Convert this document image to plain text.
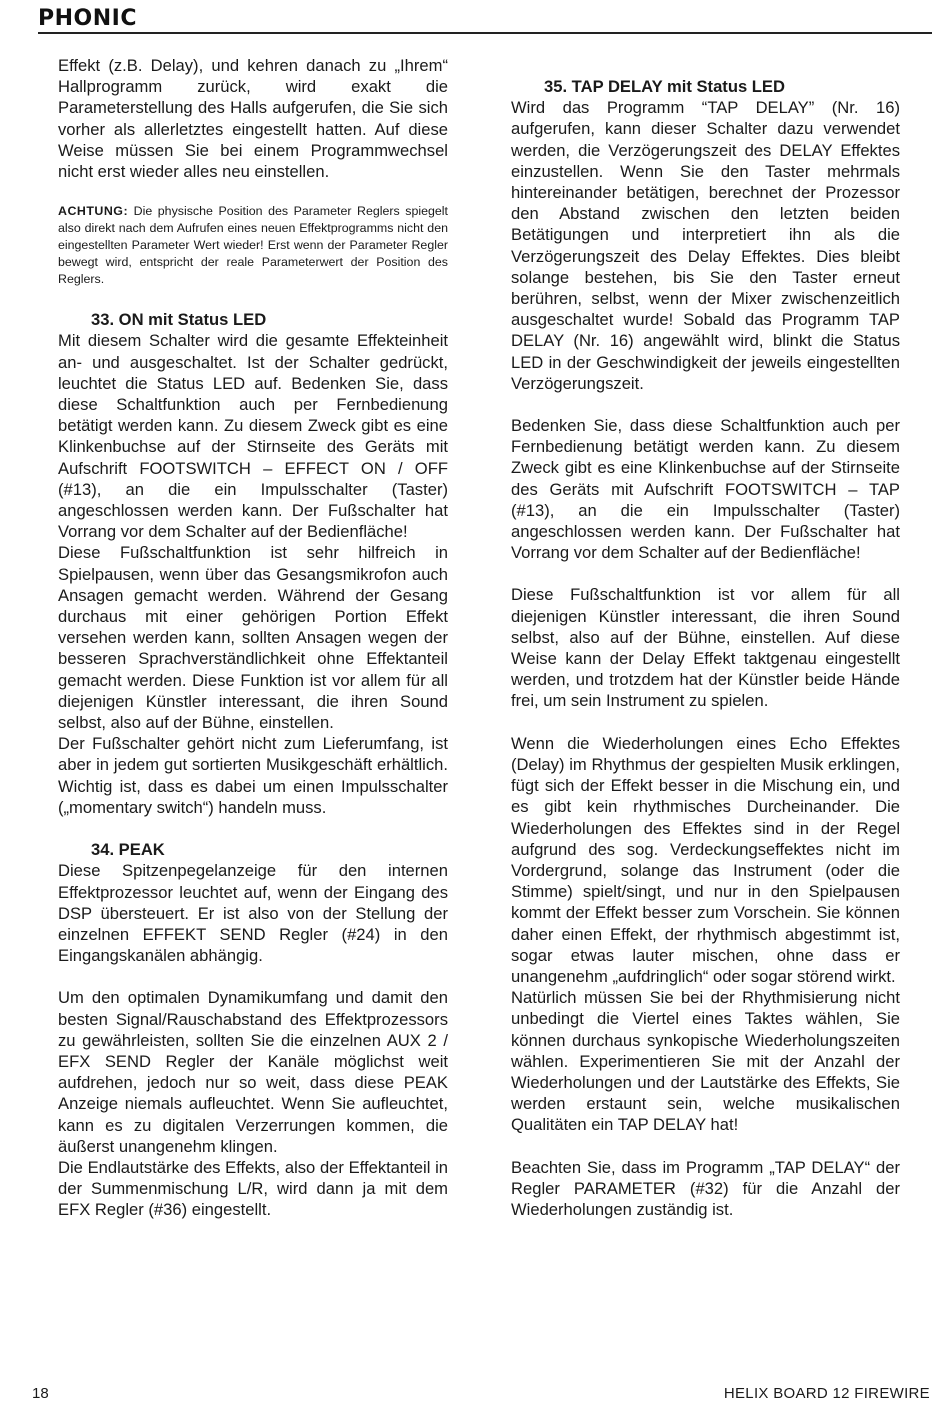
PHONIC

Effekt (z.B. Delay), und kehren danach zu „Ihrem“ Hallprogramm zurück, wird exakt die Parameterstellung des Halls aufgerufen, die Sie sich vorher als allerletztes eingestellt hatten. Auf diese Weise müssen Sie bei einem Programmwechsel nicht erst wieder alles neu einstellen.

ACHTUNG: Die physische Position des Parameter Reglers spiegelt also direkt nach dem Aufrufen eines neuen Effektprogramms nicht den eingestellten Parameter Wert wieder! Erst wenn der Parameter Regler bewegt wird, entspricht der reale Parameterwert der Position des Reglers.

33. ON mit Status LED

Mit diesem Schalter wird die gesamte Effekteinheit an- und ausgeschaltet. Ist der Schalter gedrückt, leuchtet die Status LED auf. Bedenken Sie, dass diese Schaltfunktion auch per Fernbedienung betätigt werden kann. Zu diesem Zweck gibt es eine Klinkenbuchse auf der Stirnseite des Geräts mit Aufschrift FOOTSWITCH – EFFECT ON / OFF (#13), an die ein Impulsschalter (Taster) angeschlossen werden kann. Der Fußschalter hat Vorrang vor dem Schalter auf der Bedienfläche!

Diese Fußschaltfunktion ist sehr hilfreich in Spielpausen, wenn über das Gesangsmikrofon auch Ansagen gemacht werden. Während der Gesang durchaus mit einer gehörigen Portion Effekt versehen werden kann, sollten Ansagen wegen der besseren Sprachverständlichkeit ohne Effektanteil gemacht werden. Diese Funktion ist vor allem für all diejenigen Künstler interessant, die ihren Sound selbst, also auf der Bühne, einstellen.

Der Fußschalter gehört nicht zum Lieferumfang, ist aber in jedem gut sortierten Musikgeschäft erhältlich. Wichtig ist, dass es dabei um einen Impulsschalter („momentary switch“) handeln muss.

34. PEAK

Diese Spitzenpegelanzeige für den internen Effektprozessor leuchtet auf, wenn der Eingang des DSP übersteuert. Er ist also von der Stellung der einzelnen EFFEKT SEND Regler (#24) in den Eingangskanälen abhängig.

Um den optimalen Dynamikumfang und damit den besten Signal/Rauschabstand des Effektprozessors zu gewährleisten, sollten Sie die einzelnen AUX 2 / EFX SEND Regler der Kanäle möglichst weit aufdrehen, jedoch nur so weit, dass diese PEAK Anzeige niemals aufleuchtet. Wenn Sie aufleuchtet, kann es zu digitalen Verzerrungen kommen, die äußerst unangenehm klingen.

Die Endlautstärke des Effekts, also der Effektanteil in der Summenmischung L/R, wird dann ja mit dem EFX Regler (#36) eingestellt.

35. TAP DELAY mit Status LED

Wird das Programm “TAP DELAY” (Nr. 16) aufgerufen, kann dieser Schalter dazu verwendet werden, die Verzögerungszeit des DELAY Effektes einzustellen. Wenn Sie den Taster mehrmals hintereinander betätigen, berechnet der Prozessor den Abstand zwischen den letzten beiden Betätigungen und interpretiert ihn als die Verzögerungszeit des Delay Effektes. Dies bleibt solange bestehen, bis Sie den Taster erneut berühren, selbst, wenn der Mixer zwischenzeitlich ausgeschaltet wurde! Sobald das Programm TAP DELAY (Nr. 16) angewählt wird, blinkt die Status LED in der Geschwindigkeit der jeweils eingestellten Verzögerungszeit.

Bedenken Sie, dass diese Schaltfunktion auch per Fernbedienung betätigt werden kann. Zu diesem Zweck gibt es eine Klinkenbuchse auf der Stirnseite des Geräts mit Aufschrift FOOTSWITCH – TAP (#13), an die ein Impulsschalter (Taster) angeschlossen werden kann. Der Fußschalter hat Vorrang vor dem Schalter auf der Bedienfläche!

Diese Fußschaltfunktion ist vor allem für all diejenigen Künstler interessant, die ihren Sound selbst, also auf der Bühne, einstellen. Auf diese Weise kann der Delay Effekt taktgenau eingestellt werden, und trotzdem hat der Künstler beide Hände frei, um sein Instrument zu spielen.

Wenn die Wiederholungen eines Echo Effektes (Delay) im Rhythmus der gespielten Musik erklingen, fügt sich der Effekt besser in die Mischung ein, und es gibt kein rhythmisches Durcheinander. Die Wiederholungen des Effektes sind in der Regel aufgrund des sog. Verdeckungseffektes nicht im Vordergrund, solange das Instrument (oder die Stimme) spielt/singt, und nur in den Spielpausen kommt der Effekt besser zum Vorschein. Sie können daher einen Effekt, der rhythmisch abgestimmt ist, sogar etwas lauter mischen, ohne dass er unangenehm „aufdringlich“ oder sogar störend wirkt.

Natürlich müssen Sie bei der Rhythmisierung nicht unbedingt die Viertel eines Taktes wählen, Sie können durchaus synkopische Wiederholungszeiten wählen. Experimentieren Sie mit der Anzahl der Wiederholungen und der Lautstärke des Effekts, Sie werden erstaunt sein, welche musikalischen Qualitäten ein TAP DELAY hat!

Beachten Sie, dass im Programm „TAP DELAY“ der Regler PARAMETER (#32) für die Anzahl der Wiederholungen zuständig ist.

18	HELIX BOARD 12 FIREWIRE
